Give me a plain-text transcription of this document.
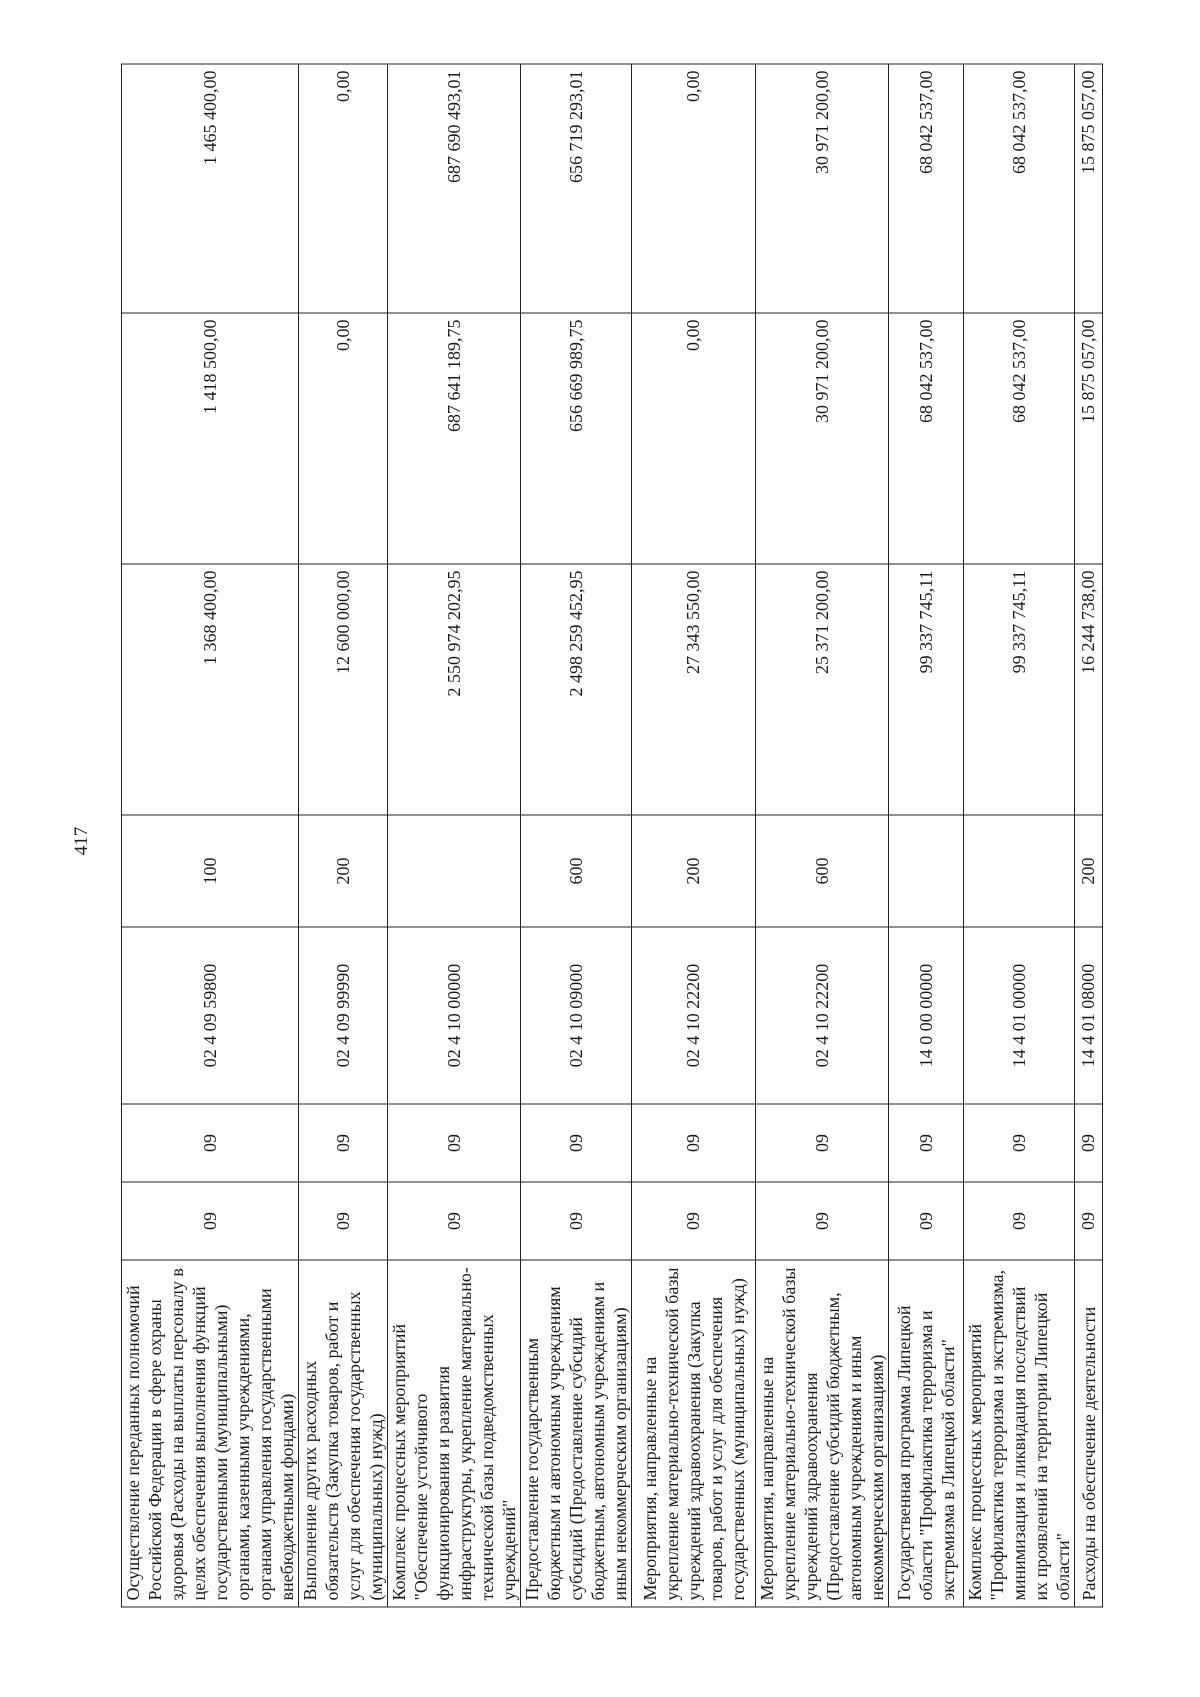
417
Осуществление переданных полномочий Российской Федерации в сфере охраны здоровья (Расходы на выплаты персоналу в целях обеспечения выполнения функций государственными (муниципальными) органами, казенными учреждениями, органами управления государственными внебюджетными фондами)	09	09	02 4 09 59800	100	1 368 400,00	1 418 500,00	1 465 400,00
Выполнение других расходных обязательств (Закупка товаров, работ и услуг для обеспечения государственных (муниципальных) нужд)	09	09	02 4 09 99990	200	12 600 000,00	0,00	0,00
Комплекс процессных мероприятий "Обеспечение устойчивого функционирования и развития инфраструктуры, укрепление материально-технической базы подведомственных учреждений"	09	09	02 4 10 00000		2 550 974 202,95	687 641 189,75	687 690 493,01
Предоставление государственным бюджетным и автономным учреждениям субсидий (Предоставление субсидий бюджетным, автономным учреждениям и иным некоммерческим организациям)	09	09	02 4 10 09000	600	2 498 259 452,95	656 669 989,75	656 719 293,01
Мероприятия, направленные на укрепление материально-технической базы учреждений здравоохранения (Закупка товаров, работ и услуг для обеспечения государственных (муниципальных) нужд)	09	09	02 4 10 22200	200	27 343 550,00	0,00	0,00
Мероприятия, направленные на укрепление материально-технической базы учреждений здравоохранения (Предоставление субсидий бюджетным, автономным учреждениям и иным некоммерческим организациям)	09	09	02 4 10 22200	600	25 371 200,00	30 971 200,00	30 971 200,00
Государственная программа Липецкой области "Профилактика терроризма и экстремизма в Липецкой области"	09	09	14 0 00 00000		99 337 745,11	68 042 537,00	68 042 537,00
Комплекс процессных мероприятий "Профилактика терроризма и экстремизма, минимизация и ликвидация последствий их проявлений на территории Липецкой области"	09	09	14 4 01 00000		99 337 745,11	68 042 537,00	68 042 537,00
Расходы на обеспечение деятельности	09	09	14 4 01 08000	200	16 244 738,00	15 875 057,00	15 875 057,00
